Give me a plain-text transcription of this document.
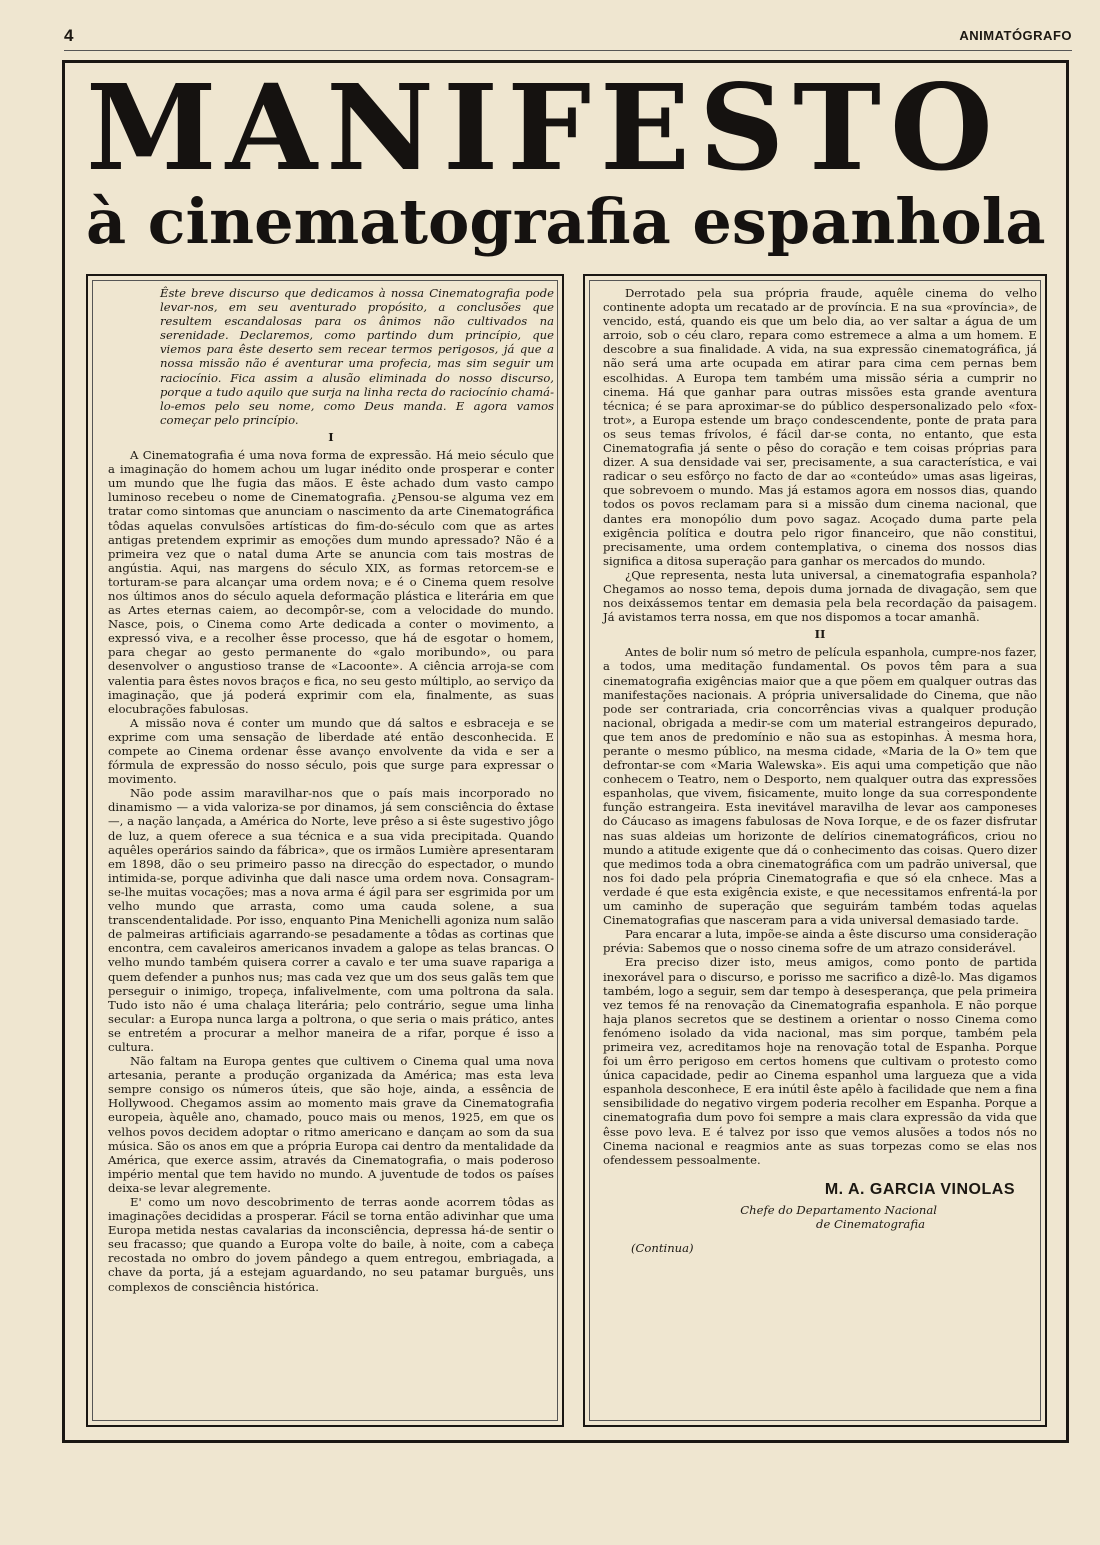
4	ANIMATÓGRAFO
MANIFESTO
à cinematografia espanhola

Êste breve discurso que dedicamos à nossa Cinematografia pode levar-nos, em seu aventurado propósito, a conclusões que resultem escandalosas para os ânimos não cultivados na serenidade. Declaremos, como partindo dum princípio, que viemos para êste deserto sem recear termos perigosos, já que a nossa missão não é aventurar uma profecia, mas sim seguir um raciocínio. Fica assim a alusão eliminada do nosso discurso, porque a tudo aquilo que surja na linha recta do raciocínio chamá-lo-emos pelo seu nome, como Deus manda. E agora vamos começar pelo princípio.

I

A Cinematografia é uma nova forma de expressão. Há meio século que a imaginação do homem achou um lugar inédito onde prosperar e conter um mundo que lhe fugia das mãos. E êste achado dum vasto campo luminoso recebeu o nome de Cinematografia. ¿Pensou-se alguma vez em tratar como sintomas que anunciam o nascimento da arte Cinematográfica tôdas aquelas convulsões artísticas do fim-do-século com que as artes antigas pretendem exprimir as emoções dum mundo apressado? Não é a primeira vez que o natal duma Arte se anuncia com tais mostras de angústia. Aqui, nas margens do século XIX, as formas retorcem-se e torturam-se para alcançar uma ordem nova; e é o Cinema quem resolve nos últimos anos do século aquela deformação plástica e literária em que as Artes eternas caiem, ao decompôr-se, com a velocidade do mundo. Nasce, pois, o Cinema como Arte dedicada a conter o movimento, a expressó viva, e a recolher êsse processo, que há de esgotar o homem, para chegar ao gesto permanente do «galo moribundo», ou para desenvolver o angustioso transe de «Lacoonte». A ciência arroja-se com valentia para êstes novos braços e fica, no seu gesto múltiplo, ao serviço da imaginação, que já poderá exprimir com ela, finalmente, as suas elocubrações fabulosas.

A missão nova é conter um mundo que dá saltos e esbraceja e se exprime com uma sensação de liberdade até então desconhecida. E compete ao Cinema ordenar êsse avanço envolvente da vida e ser a fórmula de expressão do nosso século, pois que surge para expressar o movimento.

Não pode assim maravilhar-nos que o país mais incorporado no dinamismo — a vida valoriza-se por dinamos, já sem consciência do êxtase —, a nação lançada, a América do Norte, leve prêso a si êste sugestivo jôgo de luz, a quem oferece a sua técnica e a sua vida precipitada. Quando aquêles operários saindo da fábrica», que os irmãos Lumière apresentaram em 1898, dão o seu primeiro passo na direcção do espectador, o mundo intimida-se, porque adivinha que dali nasce uma ordem nova. Consagram-se-lhe muitas vocações; mas a nova arma é ágil para ser esgrimida por um velho mundo que arrasta, como uma cauda solene, a sua transcendentalidade. Por isso, enquanto Pina Menichelli agoniza num salão de palmeiras artificiais agarrando-se pesadamente a tôdas as cortinas que encontra, cem cavaleiros americanos invadem a galope as telas brancas. O velho mundo também quisera correr a cavalo e ter uma suave rapariga a quem defender a punhos nus; mas cada vez que um dos seus galãs tem que perseguir o inimigo, tropeça, infalivelmente, com uma poltrona da sala. Tudo isto não é uma chalaça literária; pelo contrário, segue uma linha secular: a Europa nunca larga a poltrona, o que seria o mais prático, antes se entretém a procurar a melhor maneira de a rifar, porque é isso a cultura.

Não faltam na Europa gentes que cultivem o Cinema qual uma nova artesania, perante a produção organizada da América; mas esta leva sempre consigo os números úteis, que são hoje, ainda, a essência de Hollywood. Chegamos assim ao momento mais grave da Cinematografia europeia, àquêle ano, chamado, pouco mais ou menos, 1925, em que os velhos povos decidem adoptar o ritmo americano e dançam ao som da sua música. São os anos em que a própria Europa cai dentro da mentalidade da América, que exerce assim, através da Cinematografia, o mais poderoso império mental que tem havido no mundo. A juventude de todos os países deixa-se levar alegremente.

E' como um novo descobrimento de terras aonde acorrem tôdas as imaginações decididas a prosperar. Fácil se torna então adivinhar que uma Europa metida nestas cavalarias da inconsciência, depressa há-de sentir o seu fracasso; que quando a Europa volte do baile, à noite, com a cabeça recostada no ombro do jovem pândego a quem entregou, embriagada, a chave da porta, já a estejam aguardando, no seu patamar burguês, uns complexos de consciência histórica.

Derrotado pela sua própria fraude, aquêle cinema do velho continente adopta um recatado ar de província. E na sua «província», de vencido, está, quando eis que um belo dia, ao ver saltar a água de um arroio, sob o céu claro, repara como estremece a alma a um homem. E descobre a sua finalidade. A vida, na sua expressão cinematográfica, já não será uma arte ocupada em atirar para cima cem pernas bem escolhidas. A Europa tem também uma missão séria a cumprir no cinema. Há que ganhar para outras missões esta grande aventura técnica; é se para aproximar-se do público despersonalizado pelo «fox-trot», a Europa estende um braço condescendente, ponte de prata para os seus temas frívolos, é fácil dar-se conta, no entanto, que esta Cinematografia já sente o pêso do coração e tem coisas próprias para dizer. A sua densidade vai ser, precisamente, a sua característica, e vai radicar o seu esfôrço no facto de dar ao «conteúdo» umas asas ligeiras, que sobrevoem o mundo. Mas já estamos agora em nossos dias, quando todos os povos reclamam para si a missão dum cinema nacional, que dantes era monopólio dum povo sagaz. Acoçado duma parte pela exigência política e doutra pelo rigor financeiro, que não constitui, precisamente, uma ordem contemplativa, o cinema dos nossos dias significa a ditosa superação para ganhar os mercados do mundo.

¿Que representa, nesta luta universal, a cinematografia espanhola? Chegamos ao nosso tema, depois duma jornada de divagação, sem que nos deixássemos tentar em demasia pela bela recordação da paisagem. Já avistamos terra nossa, em que nos dispomos a tocar amanhã.

II

Antes de bolir num só metro de película espanhola, cumpre-nos fazer, a todos, uma meditação fundamental. Os povos têm para a sua cinematografia exigências maior que a que põem em qualquer outras das manifestações nacionais. A própria universalidade do Cinema, que não pode ser contrariada, cria concorrências vivas a qualquer produção nacional, obrigada a medir-se com um material estrangeiros depurado, que tem anos de predomínio e não sua as estopinhas. À mesma hora, perante o mesmo público, na mesma cidade, «Maria de la O» tem que defrontar-se com «Maria Walewska». Eis aqui uma competição que não conhecem o Teatro, nem o Desporto, nem qualquer outra das expressões espanholas, que vivem, fisicamente, muito longe da sua correspondente função estrangeira. Esta inevitável maravilha de levar aos camponeses do Cáucaso as imagens fabulosas de Nova Iorque, e de os fazer disfrutar nas suas aldeias um horizonte de delírios cinematográficos, criou no mundo a atitude exigente que dá o conhecimento das coisas. Quero dizer que medimos toda a obra cinematográfica com um padrão universal, que nos foi dado pela própria Cinematografia e que só ela cnhece. Mas a verdade é que esta exigência existe, e que necessitamos enfrentá-la por um caminho de superação que seguirám também todas aquelas Cinematografias que nasceram para a vida universal demasiado tarde.

Para encarar a luta, impõe-se ainda a êste discurso uma consideração prévia: Sabemos que o nosso cinema sofre de um atrazo considerável.

Era preciso dizer isto, meus amigos, como ponto de partida inexorável para o discurso, e porisso me sacrifico a dizê-lo. Mas digamos também, logo a seguir, sem dar tempo à desesperança, que pela primeira vez temos fé na renovação da Cinematografia espanhola. E não porque haja planos secretos que se destinem a orientar o nosso Cinema como fenómeno isolado da vida nacional, mas sim porque, também pela primeira vez, acreditamos hoje na renovação total de Espanha. Porque foi um êrro perigoso em certos homens que cultivam o protesto como única capacidade, pedir ao Cinema espanhol uma largueza que a vida espanhola desconhece, E era inútil êste apêlo à facilidade que nem a fina sensibilidade do negativo virgem poderia recolher em Espanha. Porque a cinematografia dum povo foi sempre a mais clara expressão da vida que êsse povo leva. E é talvez por isso que vemos alusões a todos nós no Cinema nacional e reagmios ante as suas torpezas como se elas nos ofendessem pessoalmente.

M. A. GARCIA VINOLAS
Chefe do Departamento Nacional
de Cinematografia
(Continua)
